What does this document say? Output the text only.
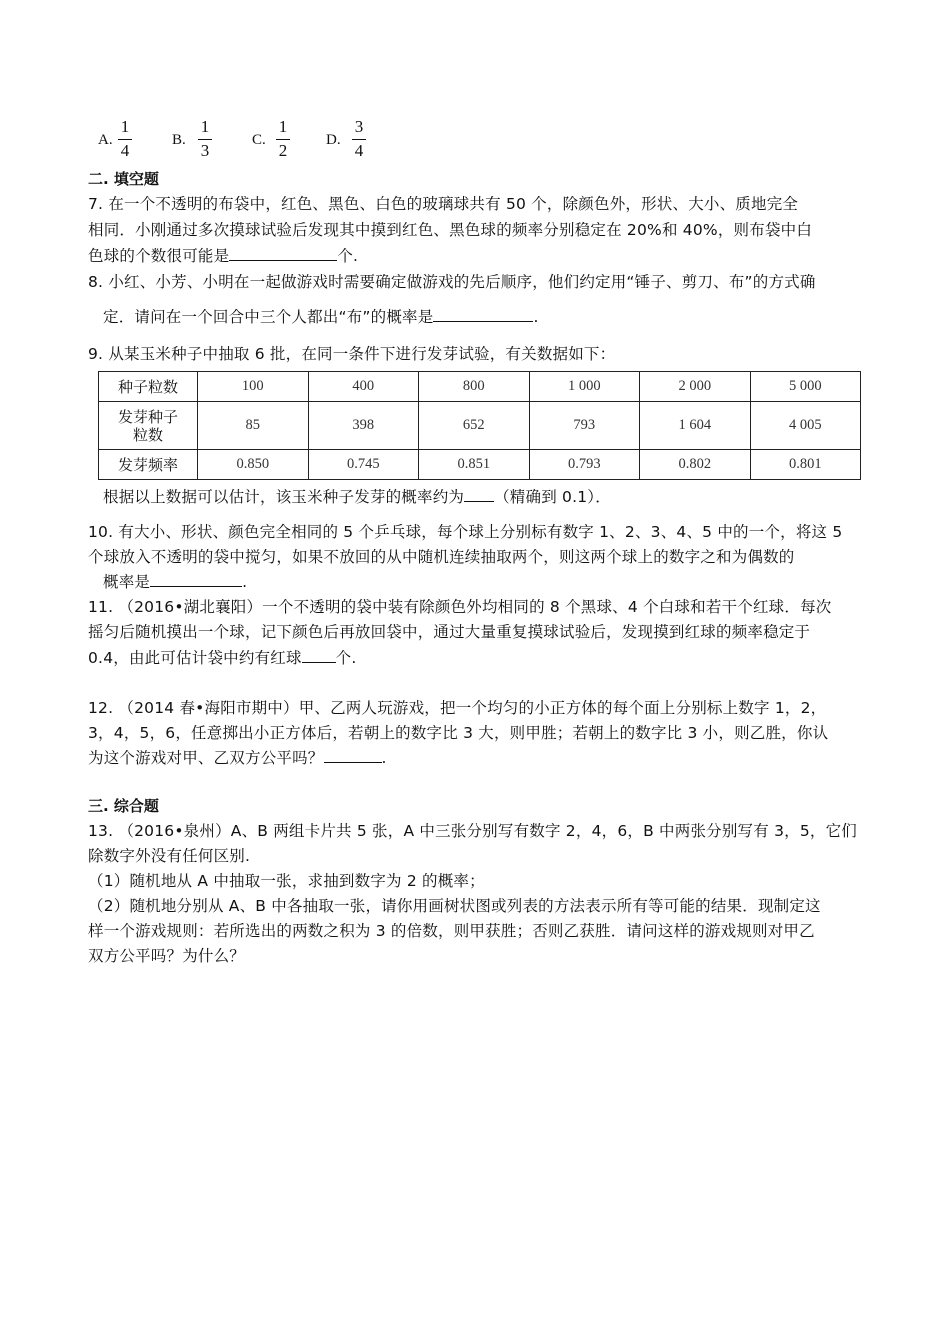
A.
1
4
B.
1
3
C.
1
2
D.
3
4
二. 填空题
7. 在一个不透明的布袋中，红色、黑色、白色的玻璃球共有 50 个，除颜色外，形状、大小、质地完全
相同．小刚通过多次摸球试验后发现其中摸到红色、黑色球的频率分别稳定在 20%和 40%，则布袋中白
色球的个数很可能是	个.
8. 小红、小芳、小明在一起做游戏时需要确定做游戏的先后顺序，他们约定用“锤子、剪刀、布”的方式确
定．请问在一个回合中三个人都出“布”的概率是	.
9. 从某玉米种子中抽取 6 批，在同一条件下进行发芽试验，有关数据如下：
种子粒数	100	400	800	1 000	2 000	5 000
发芽种子
粒数	85	398	652	793	1 604	4 005
发芽频率	0.850	0.745	0.851	0.793	0.802	0.801
根据以上数据可以估计，该玉米种子发芽的概率约为 （精确到 0.1）．
10. 有大小、形状、颜色完全相同的 5 个乒乓球，每个球上分别标有数字 1、2、3、4、5 中的一个，将这 5
个球放入不透明的袋中搅匀，如果不放回的从中随机连续抽取两个，则这两个球上的数字之和为偶数的
概率是	.
11. （2016•湖北襄阳）一个不透明的袋中装有除颜色外均相同的 8 个黑球、4 个白球和若干个红球．每次
摇匀后随机摸出一个球，记下颜色后再放回袋中，通过大量重复摸球试验后，发现摸到红球的频率稳定于
0.4，由此可估计袋中约有红球 个.
12. （2014 春•海阳市期中）甲、乙两人玩游戏，把一个均匀的小正方体的每个面上分别标上数字 1，2，
3，4，5，6，任意掷出小正方体后，若朝上的数字比 3 大，则甲胜；若朝上的数字比 3 小，则乙胜，你认
为这个游戏对甲、乙双方公平吗？	.
三. 综合题
13. （2016•泉州）A、B 两组卡片共 5 张，A 中三张分别写有数字 2，4，6，B 中两张分别写有 3，5，它们
除数字外没有任何区别.
（1）随机地从 A 中抽取一张，求抽到数字为 2 的概率；
（2）随机地分别从 A、B 中各抽取一张，请你用画树状图或列表的方法表示所有等可能的结果．现制定这
样一个游戏规则：若所选出的两数之积为 3 的倍数，则甲获胜；否则乙获胜．请问这样的游戏规则对甲乙
双方公平吗？为什么？
